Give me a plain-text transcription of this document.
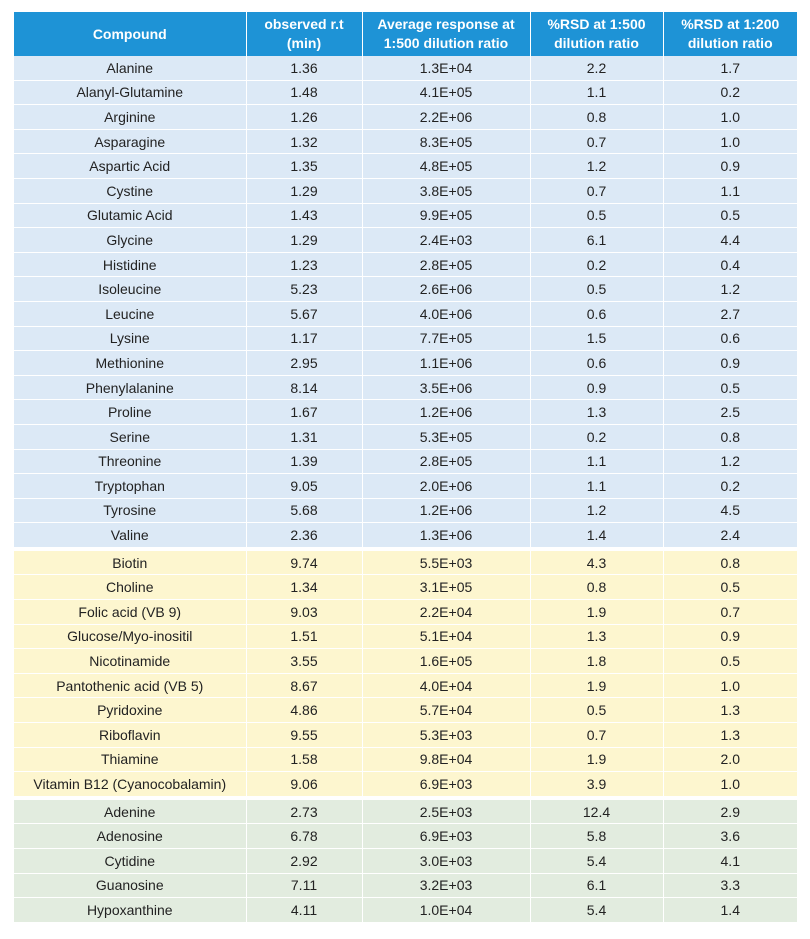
Compound	observed r.t (min)	Average response at 1:500 dilution ratio	%RSD at 1:500 dilution ratio	%RSD at 1:200 dilution ratio
Alanine	1.36	1.3E+04	2.2	1.7
Alanyl-Glutamine	1.48	4.1E+05	1.1	0.2
Arginine	1.26	2.2E+06	0.8	1.0
Asparagine	1.32	8.3E+05	0.7	1.0
Aspartic Acid	1.35	4.8E+05	1.2	0.9
Cystine	1.29	3.8E+05	0.7	1.1
Glutamic Acid	1.43	9.9E+05	0.5	0.5
Glycine	1.29	2.4E+03	6.1	4.4
Histidine	1.23	2.8E+05	0.2	0.4
Isoleucine	5.23	2.6E+06	0.5	1.2
Leucine	5.67	4.0E+06	0.6	2.7
Lysine	1.17	7.7E+05	1.5	0.6
Methionine	2.95	1.1E+06	0.6	0.9
Phenylalanine	8.14	3.5E+06	0.9	0.5
Proline	1.67	1.2E+06	1.3	2.5
Serine	1.31	5.3E+05	0.2	0.8
Threonine	1.39	2.8E+05	1.1	1.2
Tryptophan	9.05	2.0E+06	1.1	0.2
Tyrosine	5.68	1.2E+06	1.2	4.5
Valine	2.36	1.3E+06	1.4	2.4

Biotin	9.74	5.5E+03	4.3	0.8
Choline	1.34	3.1E+05	0.8	0.5
Folic acid (VB 9)	9.03	2.2E+04	1.9	0.7
Glucose/Myo-inositil	1.51	5.1E+04	1.3	0.9
Nicotinamide	3.55	1.6E+05	1.8	0.5
Pantothenic acid (VB 5)	8.67	4.0E+04	1.9	1.0
Pyridoxine	4.86	5.7E+04	0.5	1.3
Riboflavin	9.55	5.3E+03	0.7	1.3
Thiamine	1.58	9.8E+04	1.9	2.0
Vitamin B12 (Cyanocobalamin)	9.06	6.9E+03	3.9	1.0

Adenine	2.73	2.5E+03	12.4	2.9
Adenosine	6.78	6.9E+03	5.8	3.6
Cytidine	2.92	3.0E+03	5.4	4.1
Guanosine	7.11	3.2E+03	6.1	3.3
Hypoxanthine	4.11	1.0E+04	5.4	1.4
